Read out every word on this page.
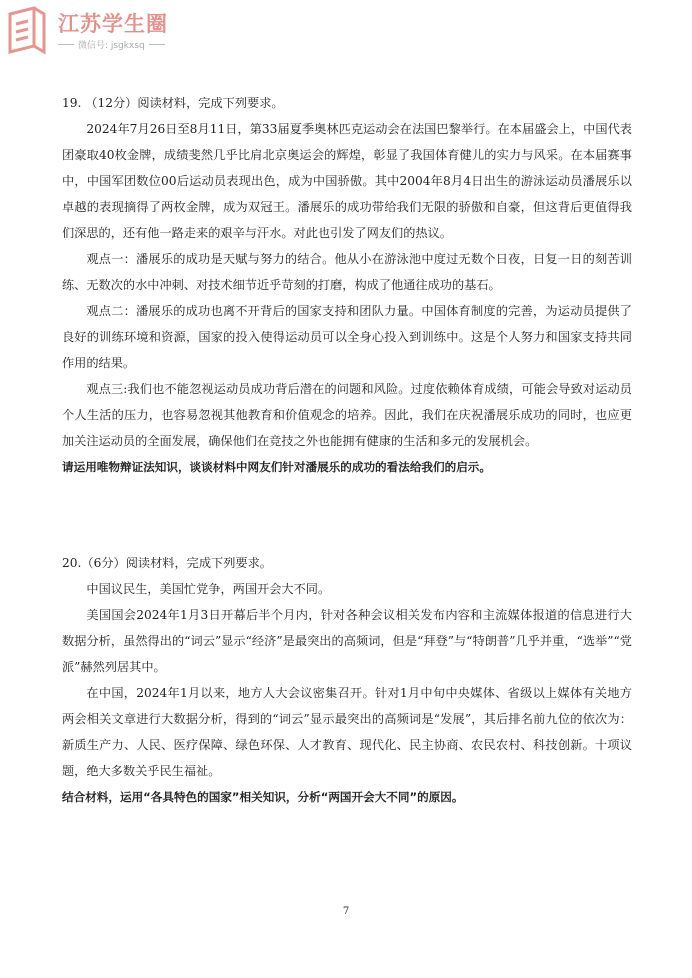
江苏学生圈
微信号: jsgkxsq

19. （12分）阅读材料，完成下列要求。

2024年7月26日至8月11日，第33届夏季奥林匹克运动会在法国巴黎举行。在本届盛会上，中国代表团豪取40枚金牌，成绩斐然几乎比肩北京奥运会的辉煌，彰显了我国体育健儿的实力与风采。在本届赛事中，中国军团数位00后运动员表现出色，成为中国骄傲。其中2004年8月4日出生的游泳运动员潘展乐以卓越的表现摘得了两枚金牌，成为双冠王。潘展乐的成功带给我们无限的骄傲和自豪，但这背后更值得我们深思的，还有他一路走来的艰辛与汗水。对此也引发了网友们的热议。

观点一：潘展乐的成功是天赋与努力的结合。他从小在游泳池中度过无数个日夜，日复一日的刻苦训练、无数次的水中冲刺、对技术细节近乎苛刻的打磨，构成了他通往成功的基石。

观点二：潘展乐的成功也离不开背后的国家支持和团队力量。中国体育制度的完善，为运动员提供了良好的训练环境和资源，国家的投入使得运动员可以全身心投入到训练中。这是个人努力和国家支持共同作用的结果。

观点三:我们也不能忽视运动员成功背后潜在的问题和风险。过度依赖体育成绩，可能会导致对运动员个人生活的压力，也容易忽视其他教育和价值观念的培养。因此，我们在庆祝潘展乐成功的同时，也应更加关注运动员的全面发展，确保他们在竞技之外也能拥有健康的生活和多元的发展机会。

请运用唯物辩证法知识，谈谈材料中网友们针对潘展乐的成功的看法给我们的启示。

20.（6分）阅读材料，完成下列要求。

中国议民生，美国忙党争，两国开会大不同。

美国国会2024年1月3日开幕后半个月内，针对各种会议相关发布内容和主流媒体报道的信息进行大数据分析，虽然得出的“词云”显示“经济”是最突出的高频词，但是“拜登”与“特朗普”几乎并重，“选举”“党派”赫然列居其中。

在中国，2024年1月以来，地方人大会议密集召开。针对1月中旬中央媒体、省级以上媒体有关地方两会相关文章进行大数据分析，得到的“词云”显示最突出的高频词是“发展”，其后排名前九位的依次为：新质生产力、人民、医疗保障、绿色环保、人才教育、现代化、民主协商、农民农村、科技创新。十项议题，绝大多数关乎民生福祉。

结合材料，运用“各具特色的国家”相关知识，分析“两国开会大不同”的原因。

7
